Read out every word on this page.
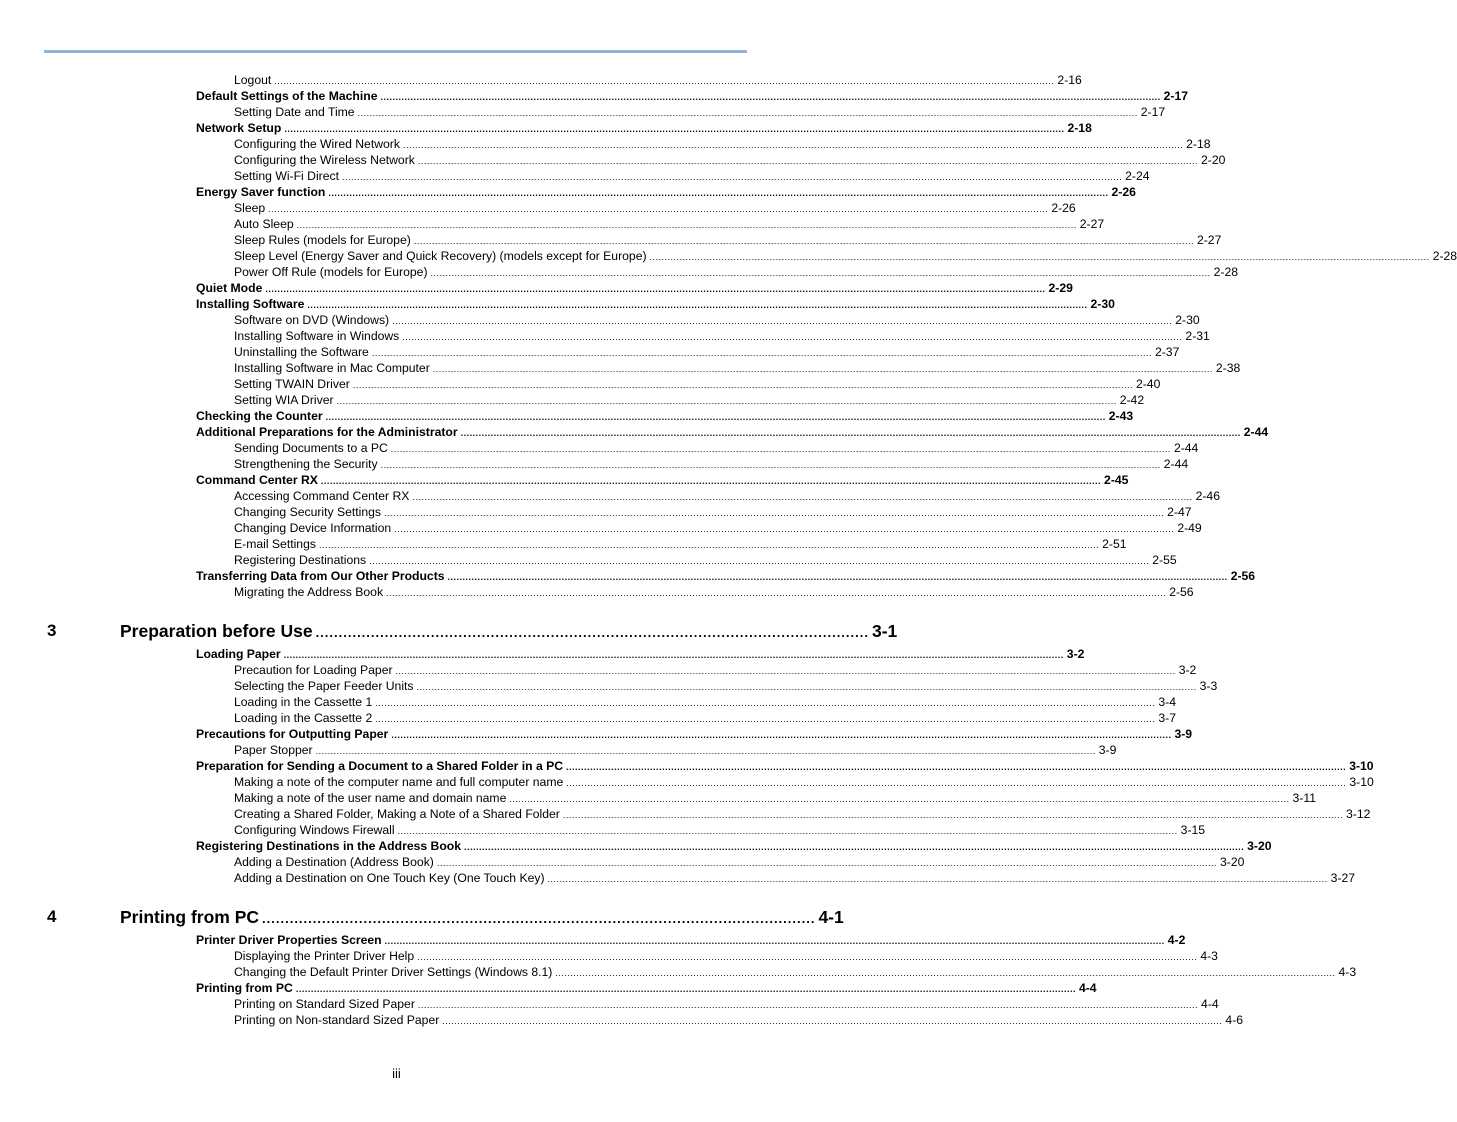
Logout .................................................................................................................................................................................................................................................................... 2-16
Default Settings of the Machine .................................................................................................................................................................................................................................................................... 2-17
Setting Date and Time .................................................................................................................................................................................................................................................................... 2-17
Network Setup .................................................................................................................................................................................................................................................................... 2-18
Configuring the Wired Network .................................................................................................................................................................................................................................................................... 2-18
Configuring the Wireless Network .................................................................................................................................................................................................................................................................... 2-20
Setting Wi-Fi Direct .................................................................................................................................................................................................................................................................... 2-24
Energy Saver function .................................................................................................................................................................................................................................................................... 2-26
Sleep .................................................................................................................................................................................................................................................................... 2-26
Auto Sleep .................................................................................................................................................................................................................................................................... 2-27
Sleep Rules (models for Europe) .................................................................................................................................................................................................................................................................... 2-27
Sleep Level (Energy Saver and Quick Recovery) (models except for Europe) .................................................................................................................................................................................................................................................................... 2-28
Power Off Rule (models for Europe) .................................................................................................................................................................................................................................................................... 2-28
Quiet Mode .................................................................................................................................................................................................................................................................... 2-29
Installing Software .................................................................................................................................................................................................................................................................... 2-30
Software on DVD (Windows) .................................................................................................................................................................................................................................................................... 2-30
Installing Software in Windows .................................................................................................................................................................................................................................................................... 2-31
Uninstalling the Software .................................................................................................................................................................................................................................................................... 2-37
Installing Software in Mac Computer .................................................................................................................................................................................................................................................................... 2-38
Setting TWAIN Driver .................................................................................................................................................................................................................................................................... 2-40
Setting WIA Driver .................................................................................................................................................................................................................................................................... 2-42
Checking the Counter .................................................................................................................................................................................................................................................................... 2-43
Additional Preparations for the Administrator .................................................................................................................................................................................................................................................................... 2-44
Sending Documents to a PC .................................................................................................................................................................................................................................................................... 2-44
Strengthening the Security .................................................................................................................................................................................................................................................................... 2-44
Command Center RX .................................................................................................................................................................................................................................................................... 2-45
Accessing Command Center RX .................................................................................................................................................................................................................................................................... 2-46
Changing Security Settings .................................................................................................................................................................................................................................................................... 2-47
Changing Device Information .................................................................................................................................................................................................................................................................... 2-49
E-mail Settings .................................................................................................................................................................................................................................................................... 2-51
Registering Destinations .................................................................................................................................................................................................................................................................... 2-55
Transferring Data from Our Other Products .................................................................................................................................................................................................................................................................... 2-56
Migrating the Address Book .................................................................................................................................................................................................................................................................... 2-56
3	Preparation before Use ........................................................................................................................ 3-1
Loading Paper .................................................................................................................................................................................................................................................................... 3-2
Precaution for Loading Paper .................................................................................................................................................................................................................................................................... 3-2
Selecting the Paper Feeder Units .................................................................................................................................................................................................................................................................... 3-3
Loading in the Cassette 1 .................................................................................................................................................................................................................................................................... 3-4
Loading in the Cassette 2 .................................................................................................................................................................................................................................................................... 3-7
Precautions for Outputting Paper .................................................................................................................................................................................................................................................................... 3-9
Paper Stopper .................................................................................................................................................................................................................................................................... 3-9
Preparation for Sending a Document to a Shared Folder in a PC .................................................................................................................................................................................................................................................................... 3-10
Making a note of the computer name and full computer name .................................................................................................................................................................................................................................................................... 3-10
Making a note of the user name and domain name .................................................................................................................................................................................................................................................................... 3-11
Creating a Shared Folder, Making a Note of a Shared Folder .................................................................................................................................................................................................................................................................... 3-12
Configuring Windows Firewall .................................................................................................................................................................................................................................................................... 3-15
Registering Destinations in the Address Book .................................................................................................................................................................................................................................................................... 3-20
Adding a Destination (Address Book) .................................................................................................................................................................................................................................................................... 3-20
Adding a Destination on One Touch Key (One Touch Key) .................................................................................................................................................................................................................................................................... 3-27
4	Printing from PC ........................................................................................................................ 4-1
Printer Driver Properties Screen .................................................................................................................................................................................................................................................................... 4-2
Displaying the Printer Driver Help .................................................................................................................................................................................................................................................................... 4-3
Changing the Default Printer Driver Settings (Windows 8.1) .................................................................................................................................................................................................................................................................... 4-3
Printing from PC .................................................................................................................................................................................................................................................................... 4-4
Printing on Standard Sized Paper .................................................................................................................................................................................................................................................................... 4-4
Printing on Non-standard Sized Paper .................................................................................................................................................................................................................................................................... 4-6
iii
